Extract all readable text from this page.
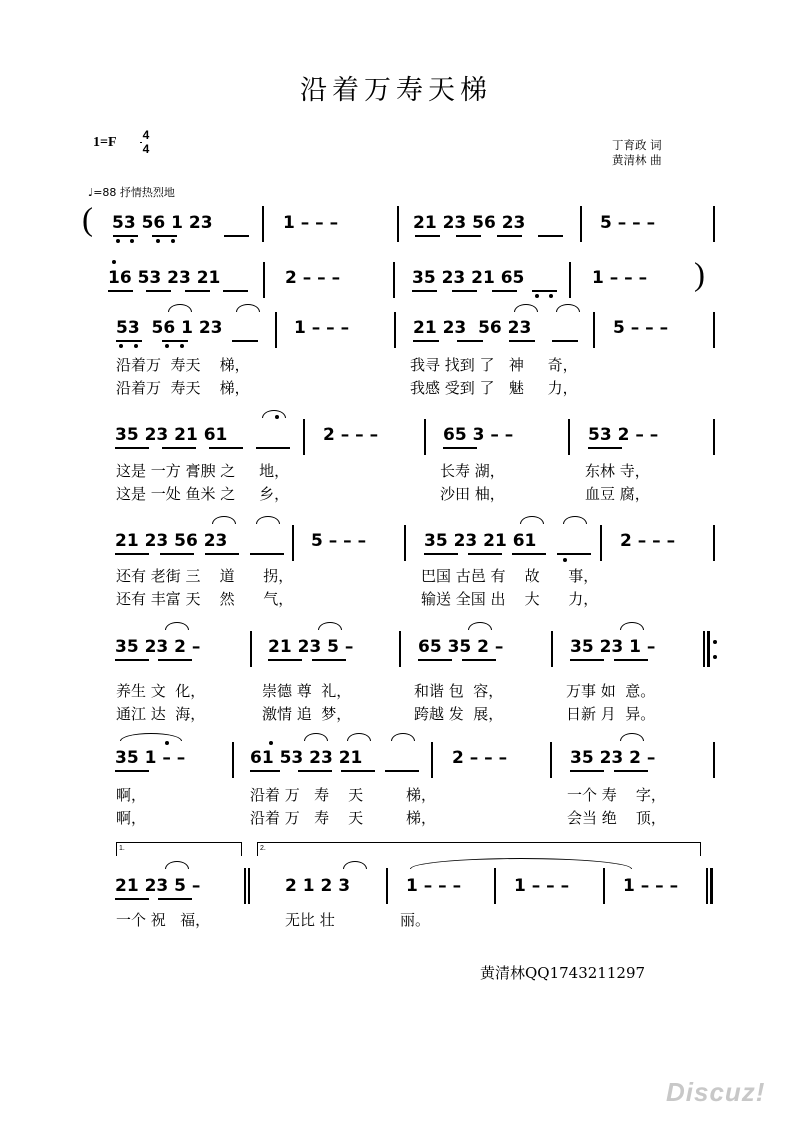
沿着万寿天梯
1=F 4
4	丁育政 词
黄清林 曲
♩=88 抒情热烈地
( 53 56 1 23	1 – – –	21 23 56 23	5 – – –
16 53 23 21	2 – – –	35 23 21 65	1 – – – )
53  56 1 23	1 – – –	21 23  56 23	5 – – –
沿着万  寿天    梯，	我寻 找到 了   神     奇，
沿着万  寿天    梯，	我感 受到 了   魅     力，
35 23 21 61	2 – – –	65 3 – –	53 2 – –
这是 一方 膏腴 之     地，	长寿 湖，	东林 寺，
这是 一处 鱼米 之     乡，	沙田 柚，	血豆 腐，
21 23 56 23	5 – – –	35 23 21 61	2 – – –
还有 老街 三    道      拐，	巴国 古邑 有    故      事，
还有 丰富 天    然      气，	输送 全国 出    大      力，
35 23 2 –	21 23 5 –	65 35 2 –	35 23 1 –
养生 文  化，	崇德 尊  礼，	和谐 包  容，	万事 如  意。
通江 达  海，	激情 追  梦，	跨越 发  展，	日新 月  异。
35 1 – –	61 53 23 21	2 – – –	35 23 2 –
啊，	沿着 万   寿    天         梯，	一个 寿    字，
啊，	沿着 万   寿    天         梯，	会当 绝    顶，
1.	2.
21 23 5 –	2 1 2 3	1 – – –	1 – – –	1 – – –
一个 祝   福，	无比 壮	丽。
黄清林QQ1743211297
Discuz!
